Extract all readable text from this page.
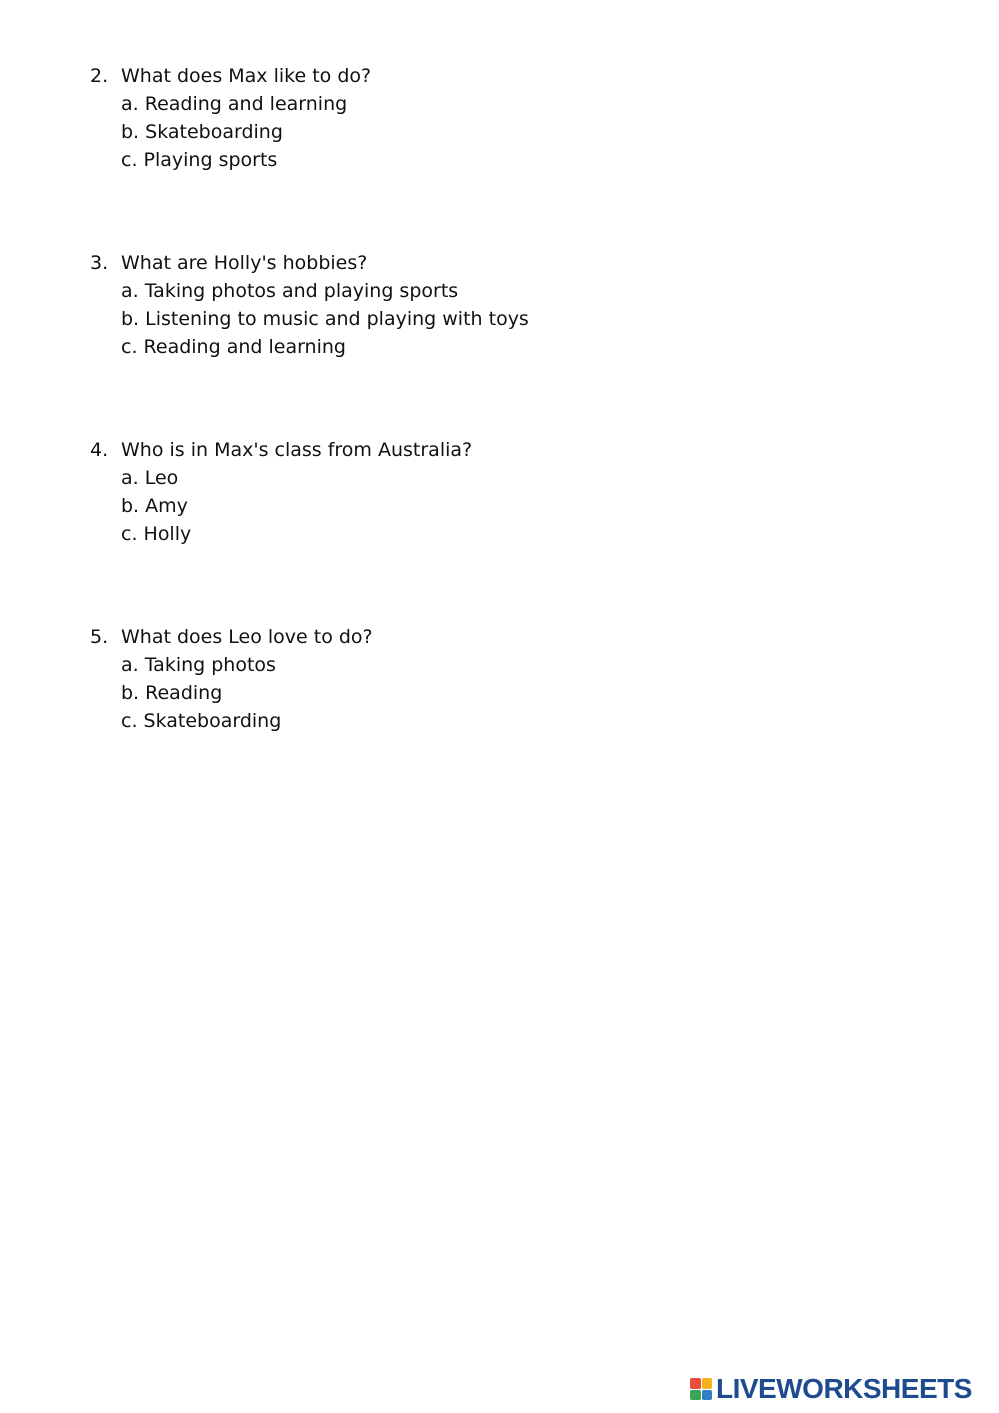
2. What does Max like to do?
a. Reading and learning
b. Skateboarding
c. Playing sports
3. What are Holly's hobbies?
a. Taking photos and playing sports
b. Listening to music and playing with toys
c. Reading and learning
4. Who is in Max's class from Australia?
a. Leo
b. Amy
c. Holly
5. What does Leo love to do?
a. Taking photos
b. Reading
c. Skateboarding
LIVEWORKSHEETS
